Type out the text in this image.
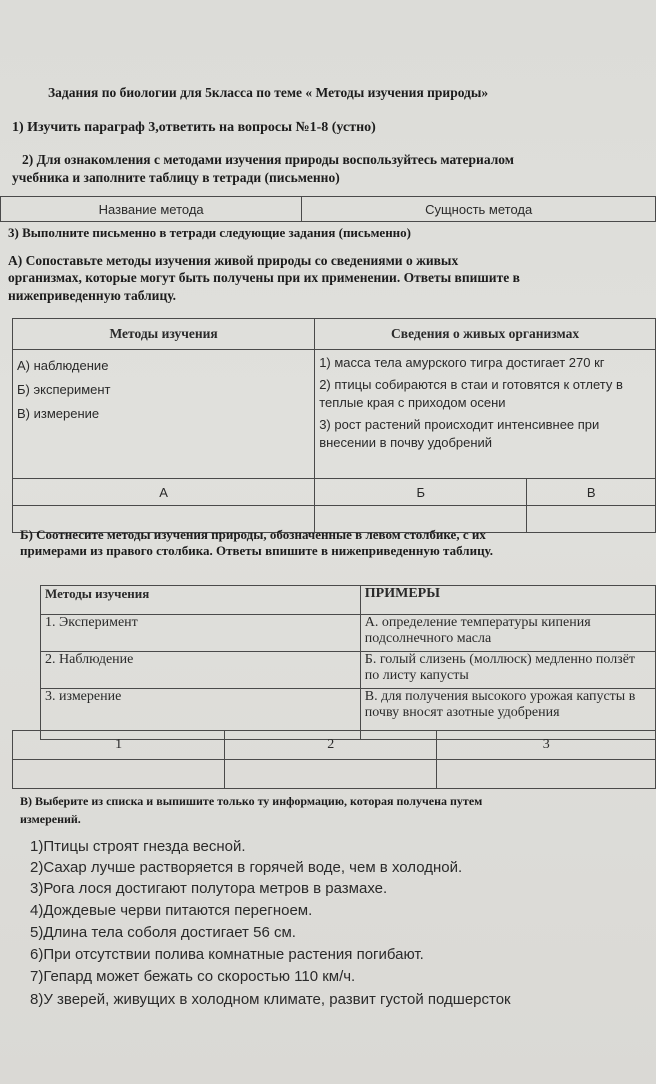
Задания по биологии для 5класса по теме « Методы изучения природы»
1) Изучить параграф 3,ответить на вопросы №1-8 (устно)
2) Для ознакомления с методами изучения природы воспользуйтесь материалом
учебника и заполните таблицу в тетради (письменно)
Название метода	Сущность метода
3) Выполните письменно в тетради следующие задания (письменно)
А) Сопоставьте методы изучения живой природы со сведениями о живых
организмах, которые могут быть получены при их применении. Ответы впишите в
нижеприведенную таблицу.
Методы изучения	Сведения о живых организмах	

А) наблюдение
Б) эксперимент
В) измерение	1) масса тела амурского тигра достигает 270 кг
2) птицы собираются в стаи и готовятся к отлету в теплые края с приходом осени
3) рост растений происходит интенсивнее при внесении в почву удобрений	

А	Б	В

Б) Соотнесите методы изучения природы, обозначенные в левом столбике, с их
примерами из правого столбика. Ответы впишите в нижеприведенную таблицу.
Методы изучения	ПРИМЕРЫ
1. Эксперимент	А. определение температуры кипения подсолнечного масла
2. Наблюдение	Б. голый слизень (моллюск) медленно ползёт по листу капусты
3. измерение	В. для получения высокого урожая капусты в почву вносят азотные удобрения
1	2	3

В) Выберите из списка и выпишите только ту информацию, которая получена путем
измерений.
1)Птицы строят гнезда весной.
2)Сахар лучше растворяется в горячей воде, чем в холодной.
3)Рога лося достигают полутора метров в размахе.
4)Дождевые черви питаются перегноем.
5)Длина тела соболя достигает 56 см.
6)При отсутствии полива комнатные растения погибают.
7)Гепард может бежать со скоростью 110 км/ч.
8)У зверей, живущих в холодном климате, развит густой подшерсток
